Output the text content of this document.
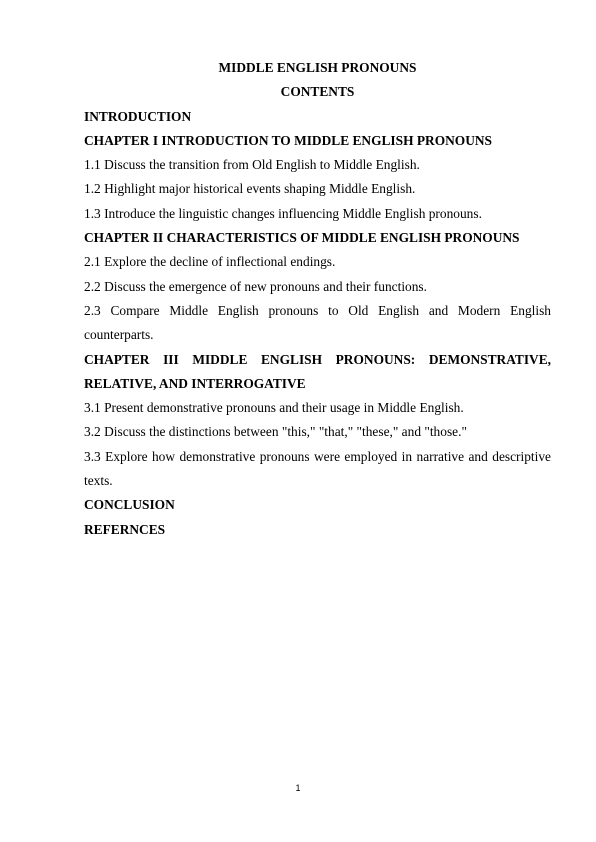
MIDDLE ENGLISH PRONOUNS

CONTENTS

INTRODUCTION

CHAPTER I INTRODUCTION TO MIDDLE ENGLISH PRONOUNS

1.1 Discuss the transition from Old English to Middle English.

1.2 Highlight major historical events shaping Middle English.

1.3 Introduce the linguistic changes influencing Middle English pronouns.

CHAPTER II CHARACTERISTICS OF MIDDLE ENGLISH PRONOUNS

2.1 Explore the decline of inflectional endings.

2.2 Discuss the emergence of new pronouns and their functions.

2.3 Compare Middle English pronouns to Old English and Modern English counterparts.

CHAPTER III MIDDLE ENGLISH PRONOUNS: DEMONSTRATIVE, RELATIVE, AND INTERROGATIVE

3.1 Present demonstrative pronouns and their usage in Middle English.

3.2 Discuss the distinctions between "this," "that," "these," and "those."

3.3 Explore how demonstrative pronouns were employed in narrative and descriptive texts.

CONCLUSION

REFERNCES

1
